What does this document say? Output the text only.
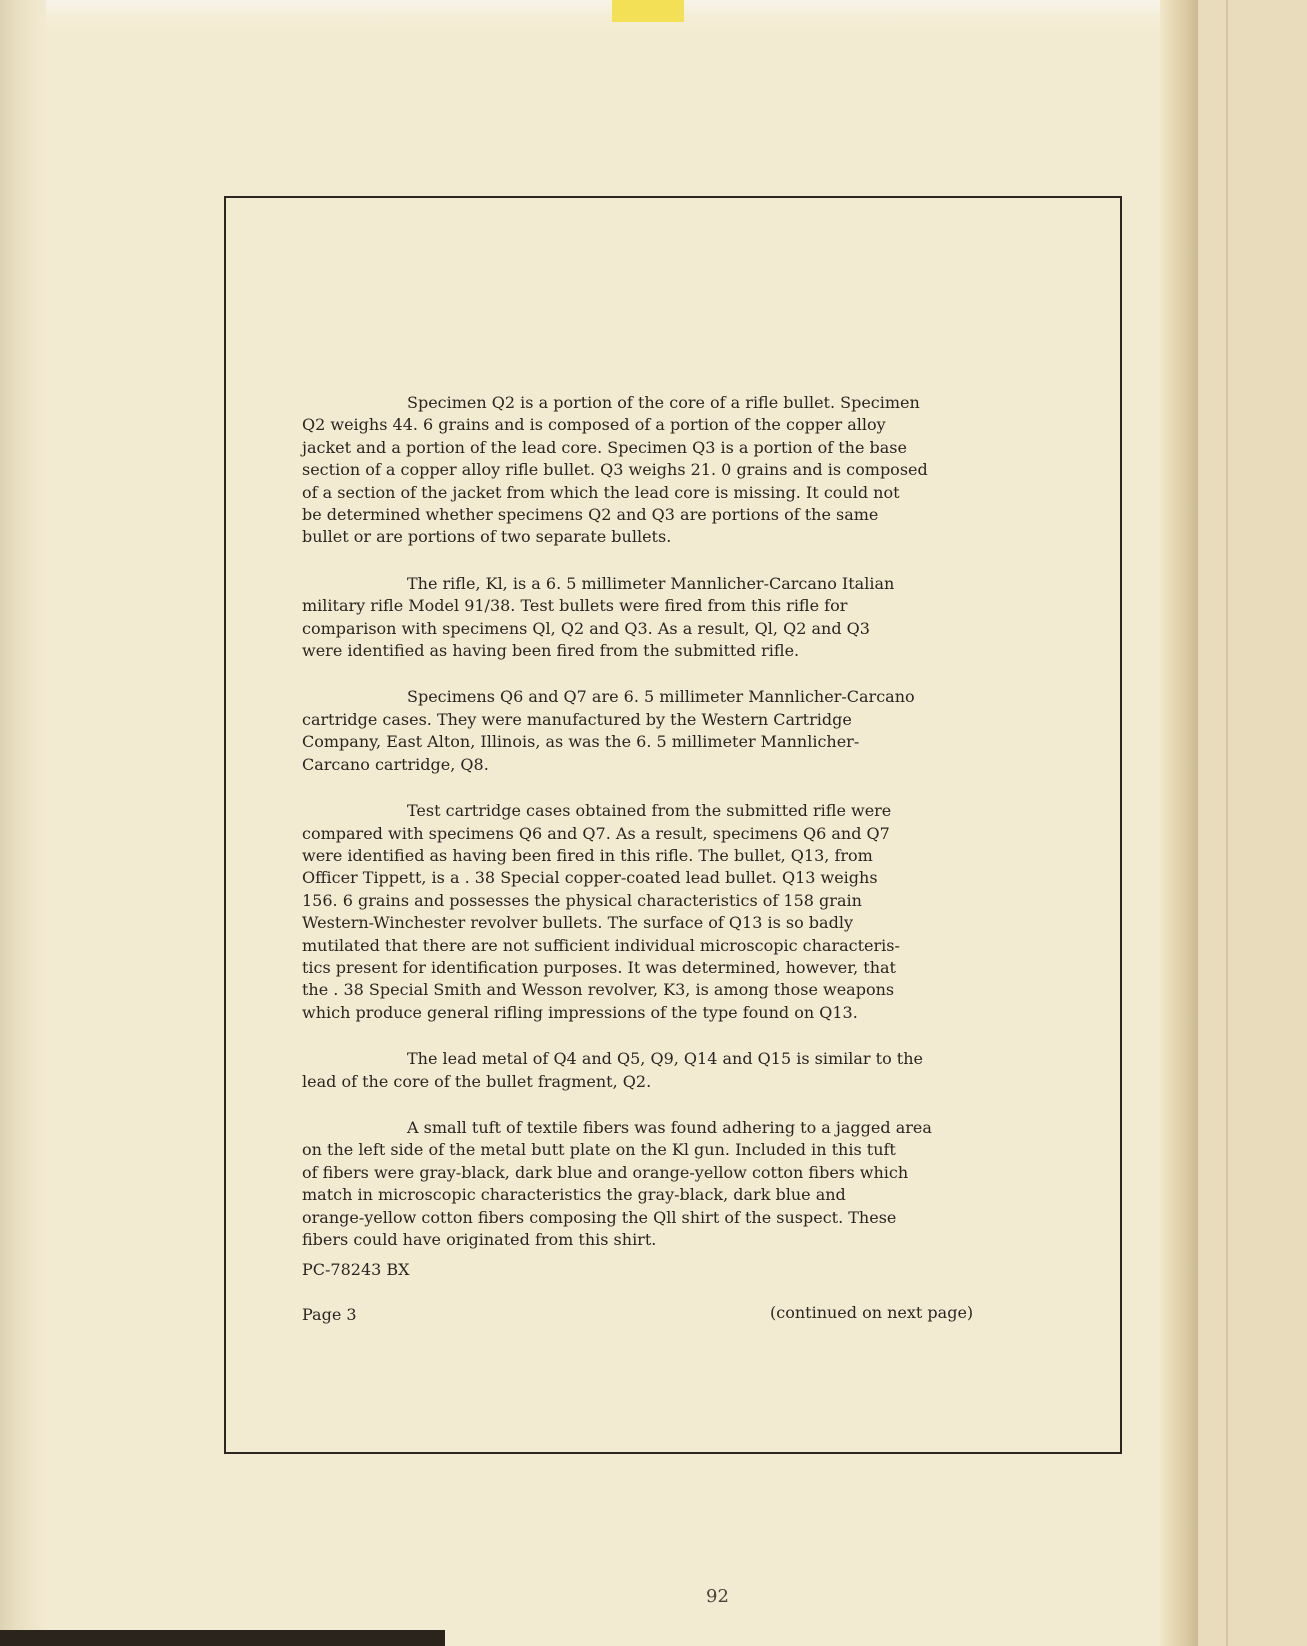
Specimen Q2 is a portion of the core of a rifle bullet. Specimen
Q2 weighs 44. 6 grains and is composed of a portion of the copper alloy
jacket and a portion of the lead core. Specimen Q3 is a portion of the base
section of a copper alloy rifle bullet. Q3 weighs 21. 0 grains and is composed
of a section of the jacket from which the lead core is missing. It could not
be determined whether specimens Q2 and Q3 are portions of the same
bullet or are portions of two separate bullets.

The rifle, Kl, is a 6. 5 millimeter Mannlicher-Carcano Italian
military rifle Model 91/38. Test bullets were fired from this rifle for
comparison with specimens Ql, Q2 and Q3. As a result, Ql, Q2 and Q3
were identified as having been fired from the submitted rifle.

Specimens Q6 and Q7 are 6. 5 millimeter Mannlicher-Carcano
cartridge cases. They were manufactured by the Western Cartridge
Company, East Alton, Illinois, as was the 6. 5 millimeter Mannlicher-
Carcano cartridge, Q8.

Test cartridge cases obtained from the submitted rifle were
compared with specimens Q6 and Q7. As a result, specimens Q6 and Q7
were identified as having been fired in this rifle. The bullet, Q13, from
Officer Tippett, is a . 38 Special copper-coated lead bullet. Q13 weighs
156. 6 grains and possesses the physical characteristics of 158 grain
Western-Winchester revolver bullets. The surface of Q13 is so badly
mutilated that there are not sufficient individual microscopic characteris-
tics present for identification purposes. It was determined, however, that
the . 38 Special Smith and Wesson revolver, K3, is among those weapons
which produce general rifling impressions of the type found on Q13.

The lead metal of Q4 and Q5, Q9, Q14 and Q15 is similar to the
lead of the core of the bullet fragment, Q2.

A small tuft of textile fibers was found adhering to a jagged area
on the left side of the metal butt plate on the Kl gun. Included in this tuft
of fibers were gray-black, dark blue and orange-yellow cotton fibers which
match in microscopic characteristics the gray-black, dark blue and
orange-yellow cotton fibers composing the Qll shirt of the suspect. These
fibers could have originated from this shirt.

PC-78243 BX
Page 3	(continued on next page)
92
